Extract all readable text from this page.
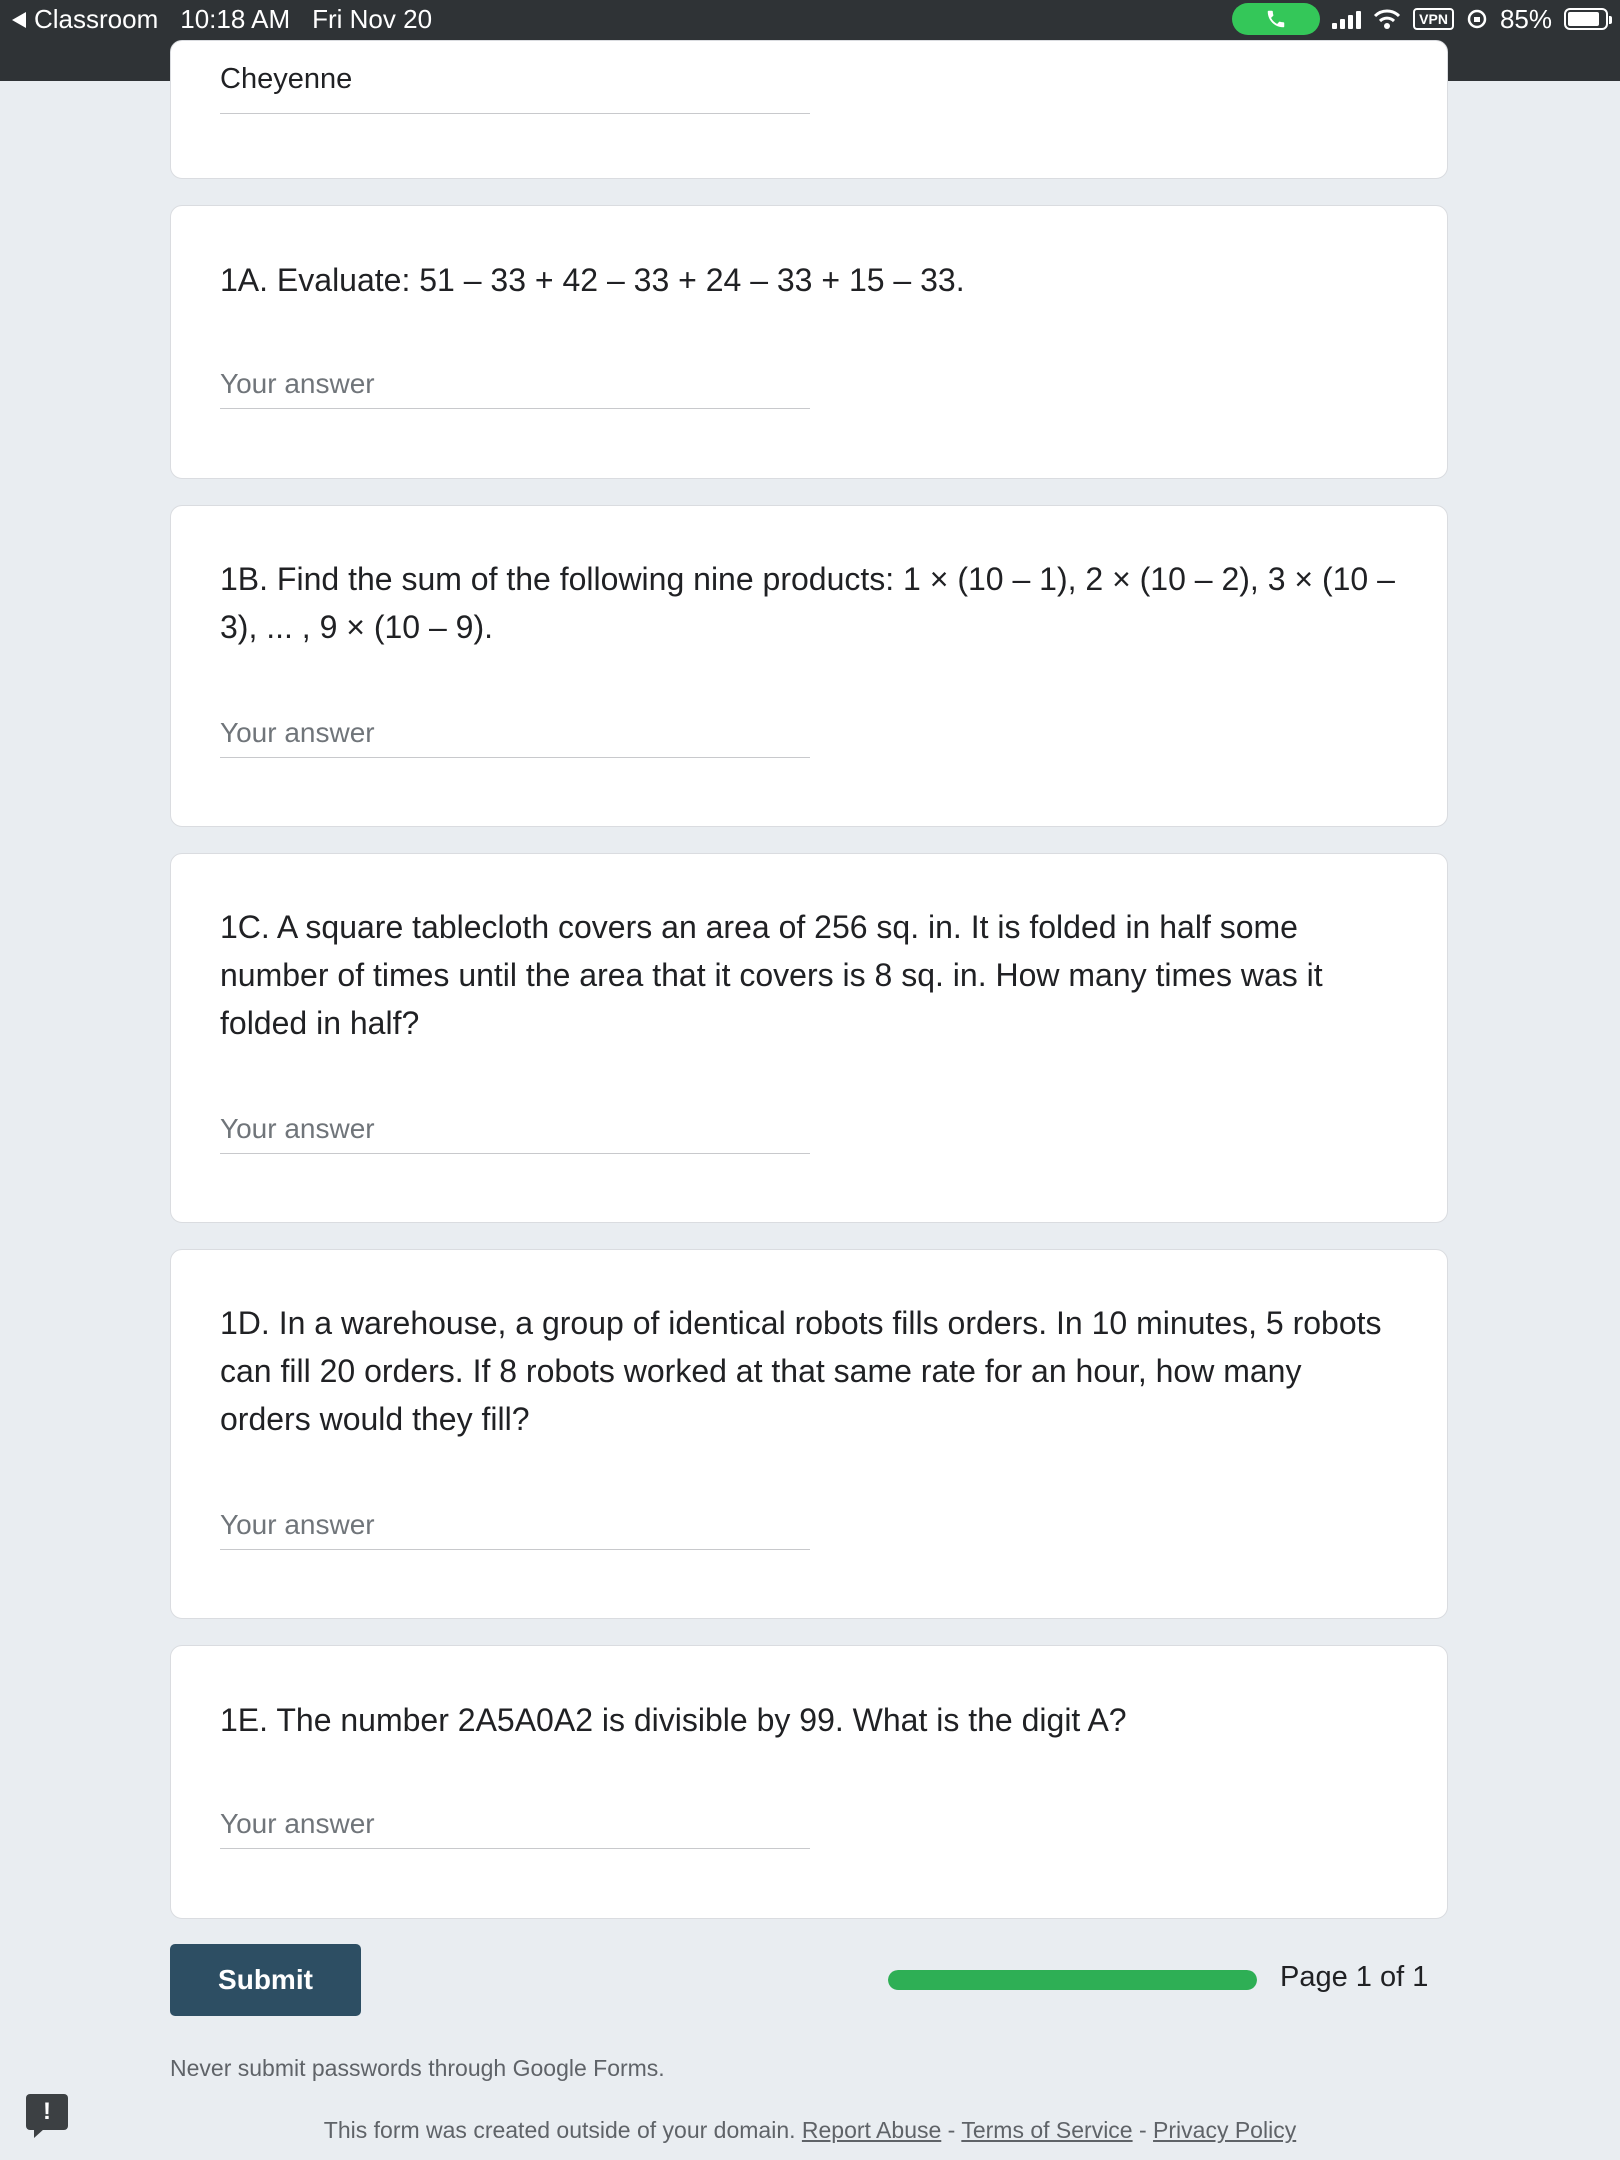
Classroom 10:18 AM Fri Nov 20	VPN 85%
Cheyenne
1A. Evaluate: 51 – 33 + 42 – 33 + 24 – 33 + 15 – 33.
Your answer
1B. Find the sum of the following nine products: 1 × (10 – 1), 2 × (10 – 2), 3 × (10 – 3), ... , 9 × (10 – 9).
Your answer
1C. A square tablecloth covers an area of 256 sq. in. It is folded in half some number of times until the area that it covers is 8 sq. in. How many times was it folded in half?
Your answer
1D. In a warehouse, a group of identical robots fills orders. In 10 minutes, 5 robots can fill 20 orders. If 8 robots worked at that same rate for an hour, how many orders would they fill?
Your answer
1E. The number 2A5A0A2 is divisible by 99. What is the digit A?
Your answer
Submit	Page 1 of 1
Never submit passwords through Google Forms.
This form was created outside of your domain. Report Abuse - Terms of Service - Privacy Policy
!
